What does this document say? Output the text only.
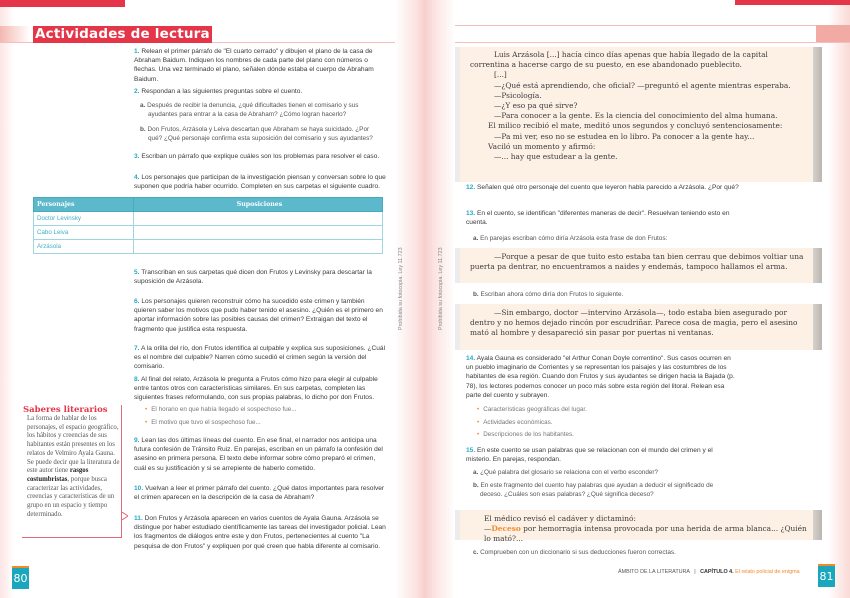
Actividades de lectura
1. Relean el primer párrafo de "El cuarto cerrado" y dibujen el plano de la casa de Abraham Baidum. Indiquen los nombres de cada parte del plano con números o flechas. Una vez terminado el plano, señalen dónde estaba el cuerpo de Abraham Baidum.
2. Respondan a las siguientes preguntas sobre el cuento.
a. Después de recibir la denuncia, ¿qué dificultades tienen el comisario y sus ayudantes para entrar a la casa de Abraham? ¿Cómo logran hacerlo?
b. Don Frutos, Arzásola y Leiva descartan que Abraham se haya suicidado. ¿Por qué? ¿Qué personaje confirma esta suposición del comisario y sus ayudantes?
3. Escriban un párrafo que explique cuáles son los problemas para resolver el caso.
4. Los personajes que participan de la investigación piensan y conversan sobre lo que suponen que podría haber ocurrido. Completen en sus carpetas el siguiente cuadro.
Personajes	Suposiciones
Doctor Levinsky	
Cabo Leiva	
Arzásola	
5. Transcriban en sus carpetas qué dicen don Frutos y Levinsky para descartar la suposición de Arzásola.
6. Los personajes quieren reconstruir cómo ha sucedido este crimen y también quieren saber los motivos que pudo haber tenido el asesino. ¿Quién es el primero en aportar información sobre las posibles causas del crimen? Extraigan del texto el fragmento que justifica esta respuesta.
7. A la orilla del río, don Frutos identifica al culpable y explica sus suposiciones. ¿Cuál es el nombre del culpable? Narren cómo sucedió el crimen según la versión del comisario.
8. Al final del relato, Arzásola le pregunta a Frutos cómo hizo para elegir al culpable entre tantos otros con características similares. En sus carpetas, completen las siguientes frases reformulando, con sus propias palabras, lo dicho por don Frutos.
• El horario en que había llegado el sospechoso fue...
• El motivo que tuvo el sospechoso fue...
9. Lean las dos últimas líneas del cuento. En ese final, el narrador nos anticipa una futura confesión de Tránsito Ruiz. En parejas, escriban en un párrafo la confesión del asesino en primera persona. El texto debe informar sobre cómo preparó el crimen, cuál es su justificación y si se arrepiente de haberlo cometido.
10. Vuelvan a leer el primer párrafo del cuento. ¿Qué datos importantes para resolver el crimen aparecen en la descripción de la casa de Abraham?
11. Don Frutos y Arzásola aparecen en varios cuentos de Ayala Gauna. Arzásola se distingue por haber estudiado científicamente las tareas del investigador policial. Lean los fragmentos de diálogos entre este y don Frutos, pertenecientes al cuento "La pesquisa de don Frutos" y expliquen por qué creen que habla diferente al comisario.
Saberes literarios
La forma de hablar de los personajes, el espacio geográfico, los hábitos y creencias de sus habitantes están presentes en los relatos de Velmiro Ayala Gauna. Se puede decir que la literatura de este autor tiene rasgos costumbristas, porque busca caracterizar las actividades, creencias y características de un grupo en un espacio y tiempo determinado.
80
Prohibida su fotocopia. Ley 11.723	Prohibida su fotocopia. Ley 11.723

Luis Arzásola [...] hacía cinco días apenas que había llegado de la capital correntina a hacerse cargo de su puesto, en ese abandonado pueblecito.

[...]

—¿Qué está aprendiendo, che oficial? —preguntó el agente mientras esperaba.

—Psicología.

—¿Y eso pa qué sirve?

—Para conocer a la gente. Es la ciencia del conocimiento del alma humana.

El milico recibió el mate, meditó unos segundos y concluyó sentenciosamente:

—Pa mi ver, eso no se estudea en lo libro. Pa conocer a la gente hay...

Vaciló un momento y afirmó:

—... hay que estudear a la gente.

12. Señalen qué otro personaje del cuento que leyeron habla parecido a Arzásola. ¿Por qué?
13. En el cuento, se identifican "diferentes maneras de decir". Resuelvan teniendo esto en cuenta.
a. En parejas escriban cómo diría Arzásola esta frase de don Frutos:

—Porque a pesar de que tuito esto estaba tan bien cerrau que debimos voltiar una puerta pa dentrar, no encuentramos a naides y endemás, tampoco hallamos el arma.

b. Escriban ahora cómo diría don Frutos lo siguiente.

—Sin embargo, doctor —intervino Arzásola—, todo estaba bien asegurado por dentro y no hemos dejado rincón por escudriñar. Parece cosa de magia, pero el asesino mató al hombre y desapareció sin pasar por puertas ni ventanas.

14. Ayala Gauna es considerado "el Arthur Conan Doyle correntino". Sus casos ocurren en un pueblo imaginario de Corrientes y se representan los paisajes y las costumbres de los habitantes de esa región. Cuando don Frutos y sus ayudantes se dirigen hacia la Bajada (p. 78), los lectores podemos conocer un poco más sobre esta región del litoral. Relean esa parte del cuento y subrayen.
• Características geográficas del lugar.
• Actividades económicas.
• Descripciones de los habitantes.
15. En este cuento se usan palabras que se relacionan con el mundo del crimen y el misterio. En parejas, respondan.
a. ¿Qué palabra del glosario se relaciona con el verbo esconder?
b. En este fragmento del cuento hay palabras que ayudan a deducir el significado de deceso. ¿Cuáles son esas palabras? ¿Qué significa deceso?

El médico revisó el cadáver y dictaminó:

—Deceso por hemorragia intensa provocada por una herida de arma blanca... ¿Quién lo mató?...

c. Comprueben con un diccionario si sus deducciones fueron correctas.
ÁMBITO DE LA LITERATURA | CAPÍTULO 4. El relato policial de enigma 81
